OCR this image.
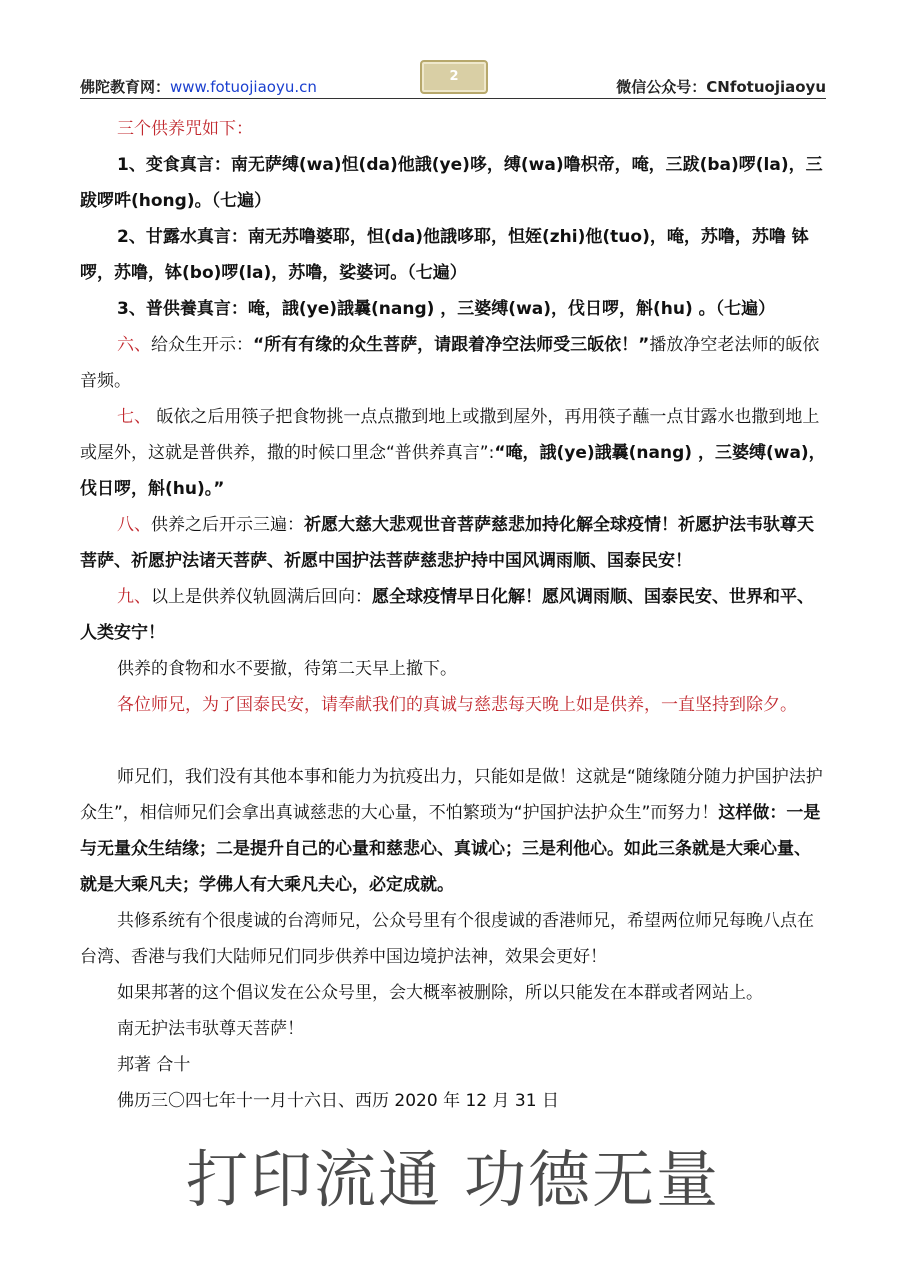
佛陀教育网：www.fotuojiaoyu.cn
2
微信公众号：CNfotuojiaoyu

三个供养咒如下：

1、变食真言：南无萨缚(wa)怛(da)他誐(ye)哆，缚(wa)噜枳帝，唵，三跋(ba)啰(la)，三跋啰吽(hong)。（七遍）

2、甘露水真言：南无苏噜婆耶，怛(da)他誐哆耶，怛姪(zhi)他(tuo)，唵，苏噜，苏噜 钵啰，苏噜，钵(bo)啰(la)，苏噜，娑婆诃。（七遍）

3、普供養真言：唵，誐(ye)誐曩(nang) ，三婆缚(wa)，伐日啰，斛(hu) 。（七遍）

六、给众生开示：“所有有缘的众生菩萨，请跟着净空法师受三皈依！”播放净空老法师的皈依音频。

七、 皈依之后用筷子把食物挑一点点撒到地上或撒到屋外，再用筷子蘸一点甘露水也撒到地上或屋外，这就是普供养，撒的时候口里念“普供养真言”:“唵，誐(ye)誐曩(nang) ，三婆缚(wa)，伐日啰，斛(hu)。”

八、供养之后开示三遍：祈愿大慈大悲观世音菩萨慈悲加持化解全球疫情！祈愿护法韦驮尊天菩萨、祈愿护法诸天菩萨、祈愿中国护法菩萨慈悲护持中国风调雨顺、国泰民安！

九、以上是供养仪轨圆满后回向：愿全球疫情早日化解！愿风调雨顺、国泰民安、世界和平、人类安宁！

供养的食物和水不要撤，待第二天早上撤下。

各位师兄，为了国泰民安，请奉献我们的真诚与慈悲每天晚上如是供养，一直坚持到除夕。

师兄们，我们没有其他本事和能力为抗疫出力，只能如是做！这就是“随缘随分随力护国护法护众生”，相信师兄们会拿出真诚慈悲的大心量，不怕繁琐为“护国护法护众生”而努力！这样做：一是与无量众生结缘；二是提升自己的心量和慈悲心、真诚心；三是利他心。如此三条就是大乘心量、就是大乘凡夫；学佛人有大乘凡夫心，必定成就。

共修系统有个很虔诚的台湾师兄，公众号里有个很虔诚的香港师兄，希望两位师兄每晚八点在台湾、香港与我们大陆师兄们同步供养中国边境护法神，效果会更好！

如果邦著的这个倡议发在公众号里，会大概率被删除，所以只能发在本群或者网站上。

南无护法韦驮尊天菩萨！

邦著 合十

佛历三〇四七年十一月十六日、西历 2020 年 12 月 31 日

打印流通 功德无量
